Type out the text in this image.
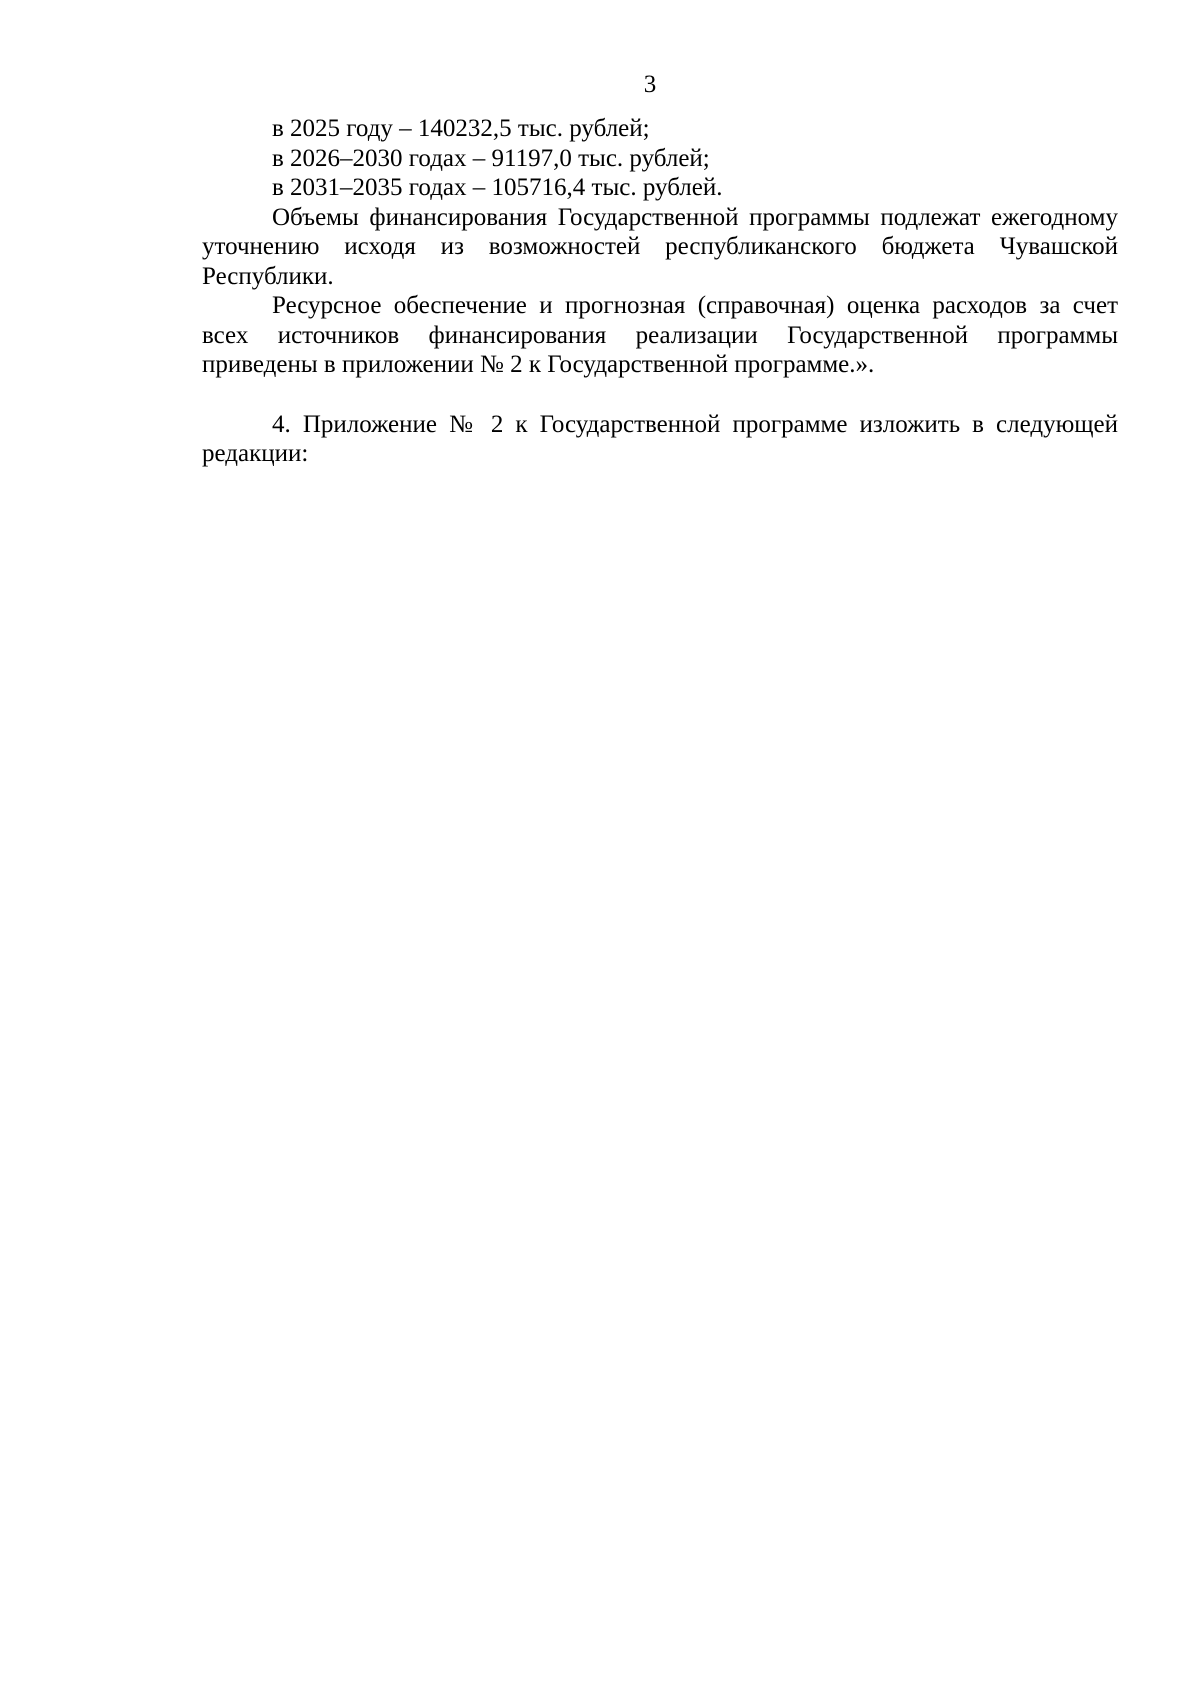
3

в 2025 году – 140232,5 тыс. рублей;

в 2026–2030 годах – 91197,0 тыс. рублей;

в 2031–2035 годах – 105716,4 тыс. рублей.

Объемы финансирования Государственной программы подлежат ежегодному уточнению исходя из возможностей республиканского бюджета Чувашской Республики.

Ресурсное обеспечение и прогнозная (справочная) оценка расходов за счет всех источников финансирования реализации Государственной программы приведены в приложении № 2 к Государственной программе.».

4. Приложение № 2 к Государственной программе изложить в следующей редакции:
